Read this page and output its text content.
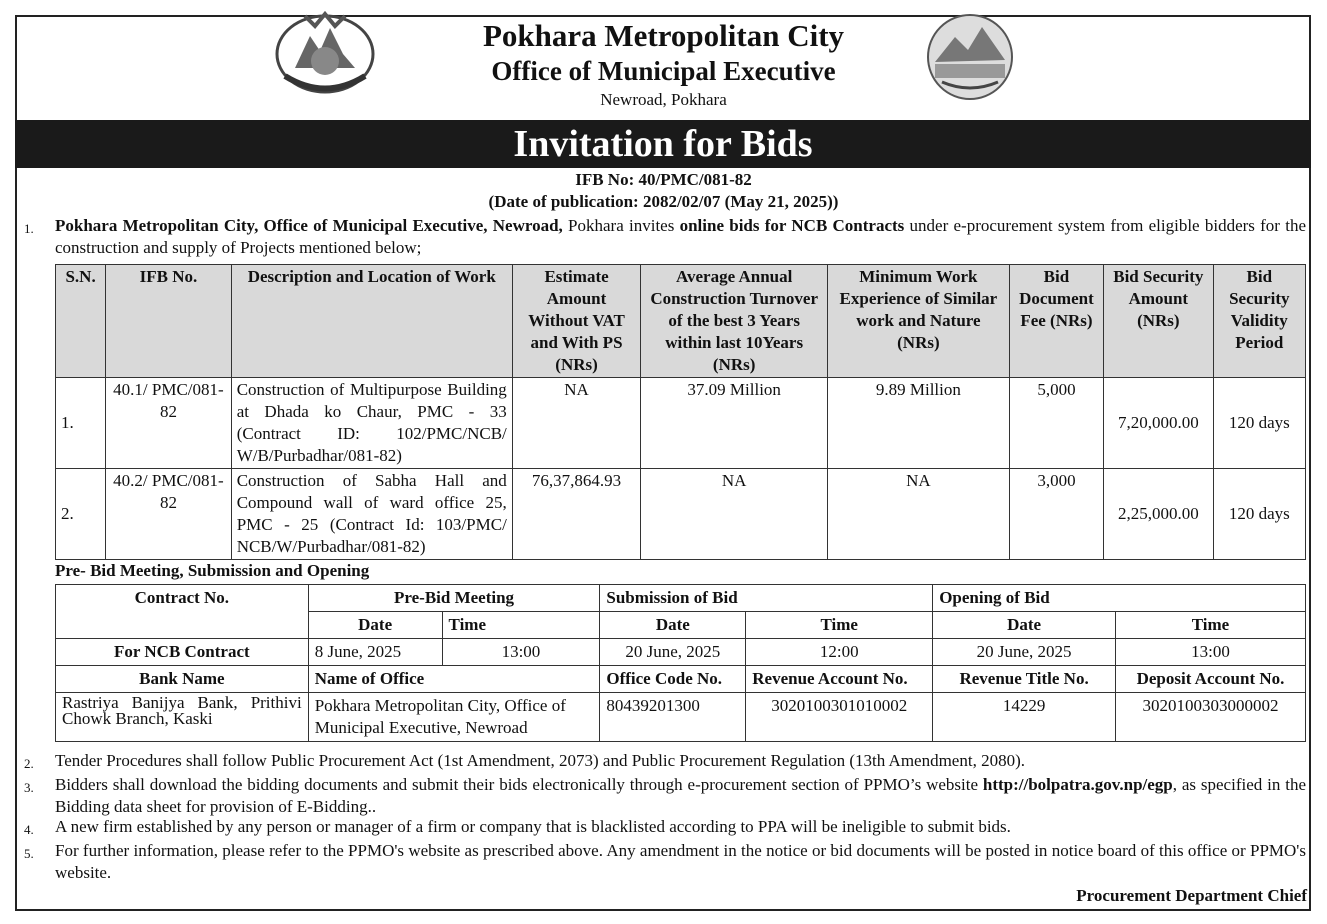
Pokhara Metropolitan City
Office of Municipal Executive
Newroad, Pokhara
Invitation for Bids
IFB No: 40/PMC/081-82
(Date of publication: 2082/02/07 (May 21, 2025))
1. Pokhara Metropolitan City, Office of Municipal Executive, Newroad, Pokhara invites online bids for NCB Contracts under e-procurement system from eligible bidders for the construction and supply of Projects mentioned below;
S.N.	IFB No.	Description and Location of Work	Estimate Amount Without VAT and With PS (NRs)	Average Annual Construction Turnover of the best 3 Years within last 10Years (NRs)	Minimum Work Experience of Similar work and Nature (NRs)	Bid Document Fee (NRs)	Bid Security Amount (NRs)	Bid Security Validity Period
1.	40.1/ PMC/081-82	Construction of Multipurpose Building at Dhada ko Chaur, PMC - 33 (Contract ID: 102/PMC/NCB/ W/B/Purbadhar/081-82)	NA	37.09 Million	9.89 Million	5,000	7,20,000.00	120 days
2.	40.2/ PMC/081-82	Construction of Sabha Hall and Compound wall of ward office 25, PMC - 25 (Contract Id: 103/PMC/ NCB/W/Purbadhar/081-82)	76,37,864.93	NA	NA	3,000	2,25,000.00	120 days
Pre- Bid Meeting, Submission and Opening
Contract No.	Pre-Bid Meeting		Submission of Bid		Opening of Bid	
	Date	Time	Date	Time	Date	Time
For NCB Contract	8 June, 2025	13:00	20 June, 2025	12:00	20 June, 2025	13:00
Bank Name	Name of Office		Office Code No.	Revenue Account No.	Revenue Title No.	Deposit Account No.
Rastriya Banijya Bank, Prithivi Chowk Branch, Kaski	Pokhara Metropolitan City, Office of Municipal Executive, Newroad		80439201300	3020100301010002	14229	3020100303000002
2. Tender Procedures shall follow Public Procurement Act (1st Amendment, 2073) and Public Procurement Regulation (13th Amendment, 2080).
3. Bidders shall download the bidding documents and submit their bids electronically through e-procurement section of PPMO’s website http://bolpatra.gov.np/egp, as specified in the Bidding data sheet for provision of E-Bidding..
4. A new firm established by any person or manager of a firm or company that is blacklisted according to PPA will be ineligible to submit bids.
5. For further information, please refer to the PPMO's website as prescribed above. Any amendment in the notice or bid documents will be posted in notice board of this office or PPMO's website.
Procurement Department Chief
